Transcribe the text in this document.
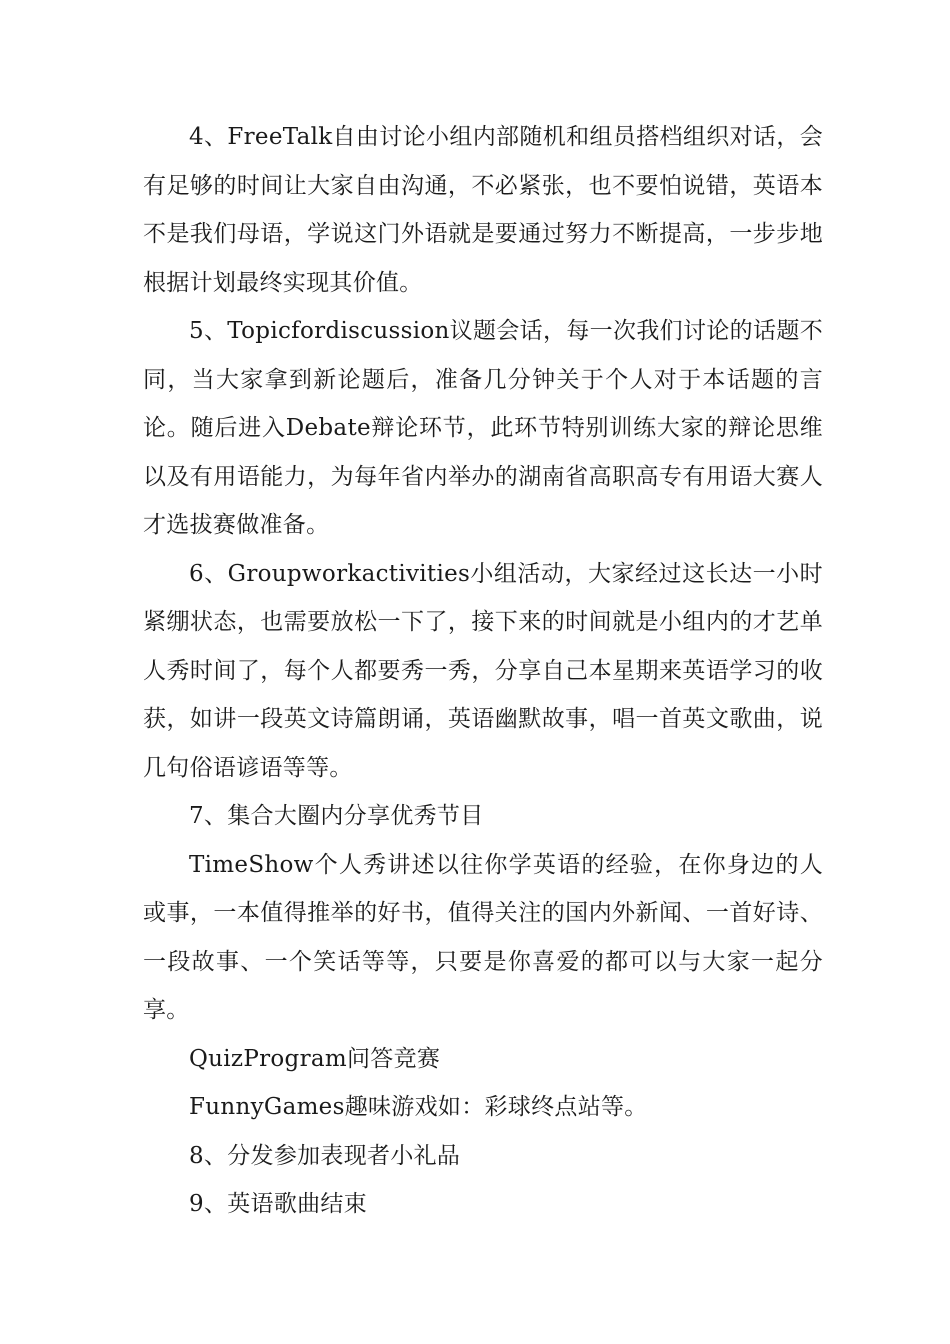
4、FreeTalk自由讨论小组内部随机和组员搭档组织对话，会有足够的时间让大家自由沟通，不必紧张，也不要怕说错，英语本不是我们母语，学说这门外语就是要通过努力不断提高，一步步地根据计划最终实现其价值。

5、Topicfordiscussion议题会话，每一次我们讨论的话题不同，当大家拿到新论题后，准备几分钟关于个人对于本话题的言论。随后进入Debate辩论环节，此环节特别训练大家的辩论思维以及有用语能力，为每年省内举办的湖南省高职高专有用语大赛人才选拔赛做准备。

6、Groupworkactivities小组活动，大家经过这长达一小时紧绷状态，也需要放松一下了，接下来的时间就是小组内的才艺单人秀时间了，每个人都要秀一秀，分享自己本星期来英语学习的收获，如讲一段英文诗篇朗诵，英语幽默故事，唱一首英文歌曲，说几句俗语谚语等等。

7、集合大圈内分享优秀节目

TimeShow个人秀讲述以往你学英语的经验，在你身边的人或事，一本值得推举的好书，值得关注的国内外新闻、一首好诗、一段故事、一个笑话等等，只要是你喜爱的都可以与大家一起分享。

QuizProgram问答竞赛

FunnyGames趣味游戏如：彩球终点站等。

8、分发参加表现者小礼品

9、英语歌曲结束
